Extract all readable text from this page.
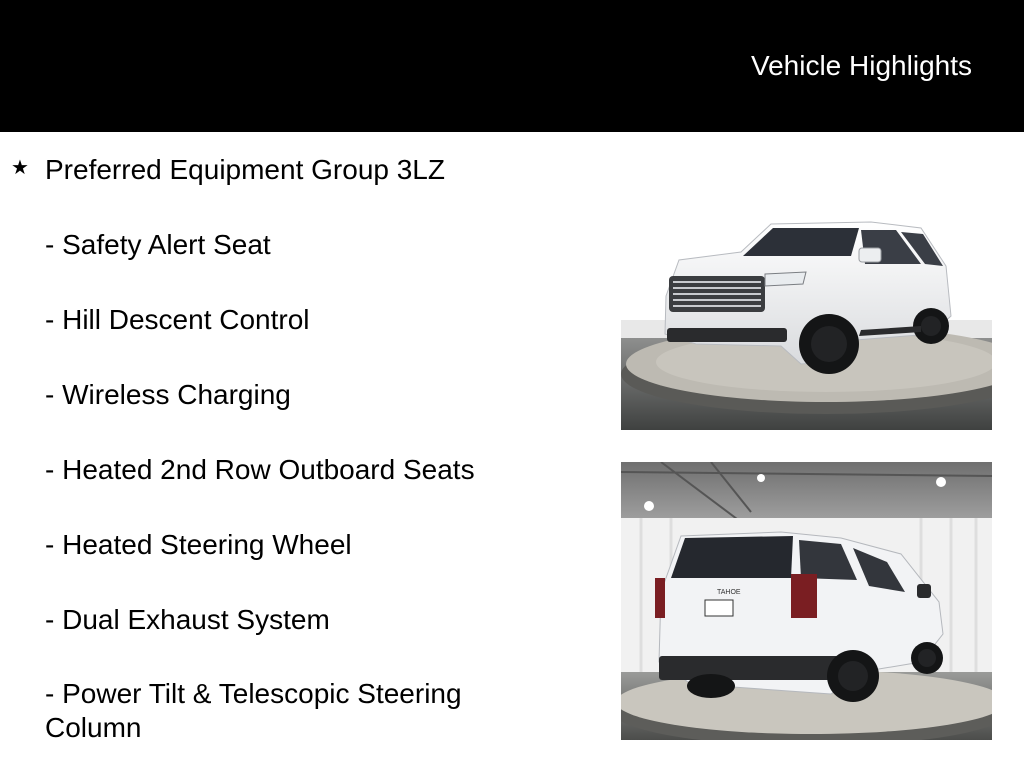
Vehicle Highlights
★ Preferred Equipment Group 3LZ
- Safety Alert Seat
- Hill Descent Control
- Wireless Charging
- Heated 2nd Row Outboard Seats
- Heated Steering Wheel
- Dual Exhaust System
- Power Tilt & Telescopic Steering Column
TAHOE
